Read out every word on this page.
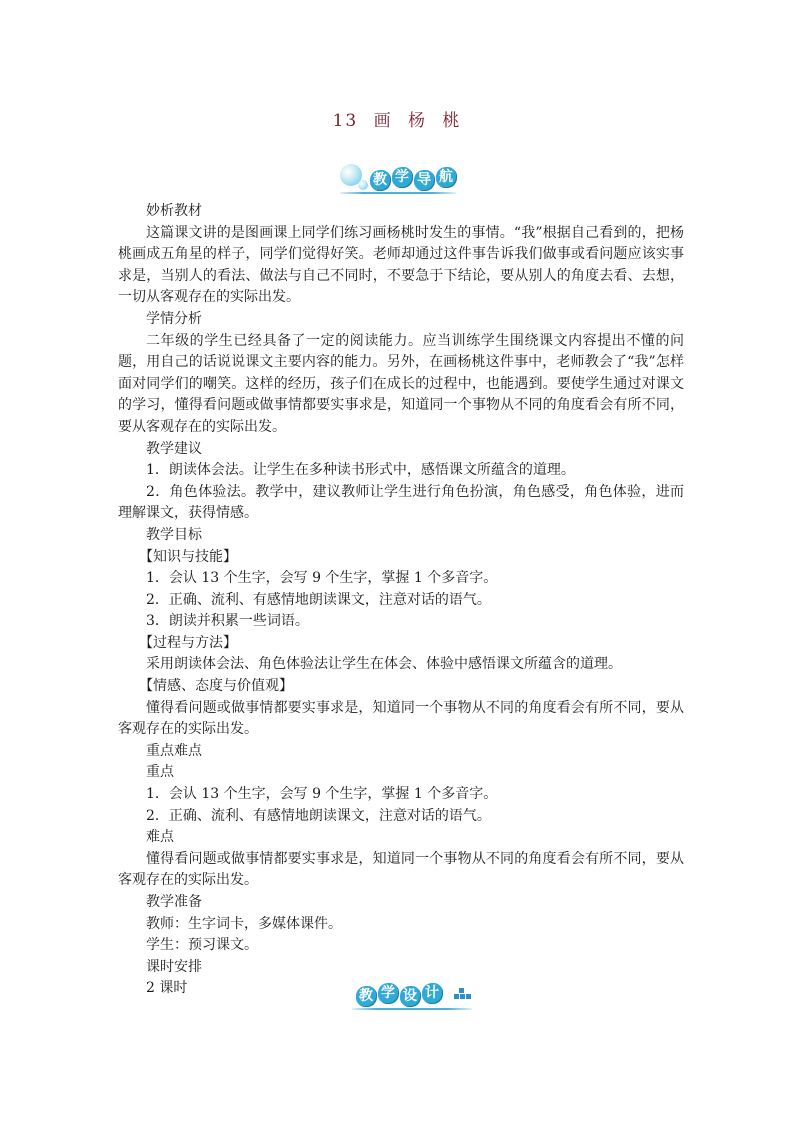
13 画 杨 桃
教 学 导 航

妙析教材

这篇课文讲的是图画课上同学们练习画杨桃时发生的事情。“我”根据自己看到的，把杨桃画成五角星的样子，同学们觉得好笑。老师却通过这件事告诉我们做事或看问题应该实事求是，当别人的看法、做法与自己不同时，不要急于下结论，要从别人的角度去看、去想，一切从客观存在的实际出发。

学情分析

二年级的学生已经具备了一定的阅读能力。应当训练学生围绕课文内容提出不懂的问题，用自己的话说说课文主要内容的能力。另外，在画杨桃这件事中，老师教会了“我”怎样面对同学们的嘲笑。这样的经历，孩子们在成长的过程中，也能遇到。要使学生通过对课文的学习，懂得看问题或做事情都要实事求是，知道同一个事物从不同的角度看会有所不同，要从客观存在的实际出发。

教学建议

1．朗读体会法。让学生在多种读书形式中，感悟课文所蕴含的道理。

2．角色体验法。教学中，建议教师让学生进行角色扮演，角色感受，角色体验，进而理解课文，获得情感。

教学目标

【知识与技能】

1．会认 13 个生字，会写 9 个生字，掌握 1 个多音字。

2．正确、流利、有感情地朗读课文，注意对话的语气。

3．朗读并积累一些词语。

【过程与方法】

采用朗读体会法、角色体验法让学生在体会、体验中感悟课文所蕴含的道理。

【情感、态度与价值观】

懂得看问题或做事情都要实事求是，知道同一个事物从不同的角度看会有所不同，要从客观存在的实际出发。

重点难点

重点

1．会认 13 个生字，会写 9 个生字，掌握 1 个多音字。

2．正确、流利、有感情地朗读课文，注意对话的语气。

难点

懂得看问题或做事情都要实事求是，知道同一个事物从不同的角度看会有所不同，要从客观存在的实际出发。

教学准备

教师：生字词卡，多媒体课件。

学生：预习课文。

课时安排

2 课时	教 学 设 计
